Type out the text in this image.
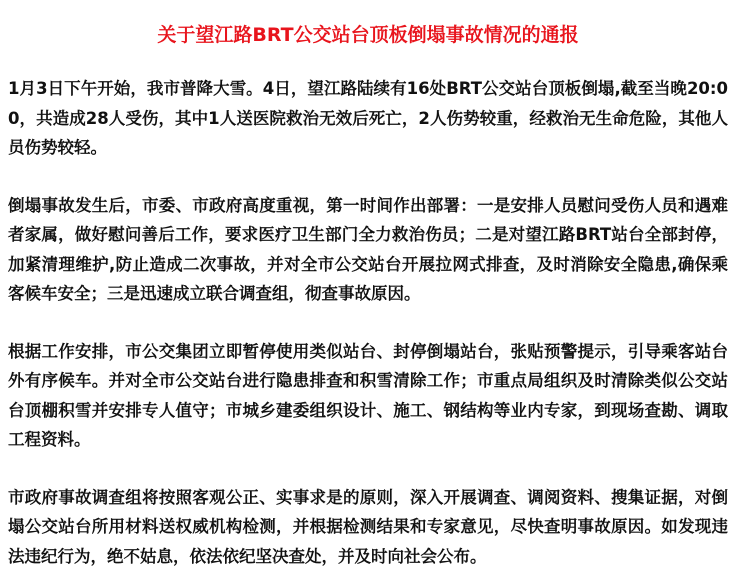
关于望江路BRT公交站台顶板倒塌事故情况的通报

1月3日下午开始，我市普降大雪。4日，望江路陆续有16处BRT公交站台顶板倒塌,截至当晚20:00，共造成28人受伤，其中1人送医院救治无效后死亡，2人伤势较重，经救治无生命危险，其他人员伤势较轻。

倒塌事故发生后，市委、市政府高度重视，第一时间作出部署：一是安排人员慰问受伤人员和遇难者家属，做好慰问善后工作，要求医疗卫生部门全力救治伤员；二是对望江路BRT站台全部封停，加紧清理维护,防止造成二次事故，并对全市公交站台开展拉网式排查，及时消除安全隐患,确保乘客候车安全；三是迅速成立联合调查组，彻查事故原因。

根据工作安排，市公交集团立即暂停使用类似站台、封停倒塌站台，张贴预警提示，引导乘客站台外有序候车。并对全市公交站台进行隐患排查和积雪清除工作；市重点局组织及时清除类似公交站台顶棚积雪并安排专人值守；市城乡建委组织设计、施工、钢结构等业内专家，到现场查勘、调取工程资料。

市政府事故调查组将按照客观公正、实事求是的原则，深入开展调查、调阅资料、搜集证据，对倒塌公交站台所用材料送权威机构检测，并根据检测结果和专家意见，尽快查明事故原因。如发现违法违纪行为，绝不姑息，依法依纪坚决查处，并及时向社会公布。
